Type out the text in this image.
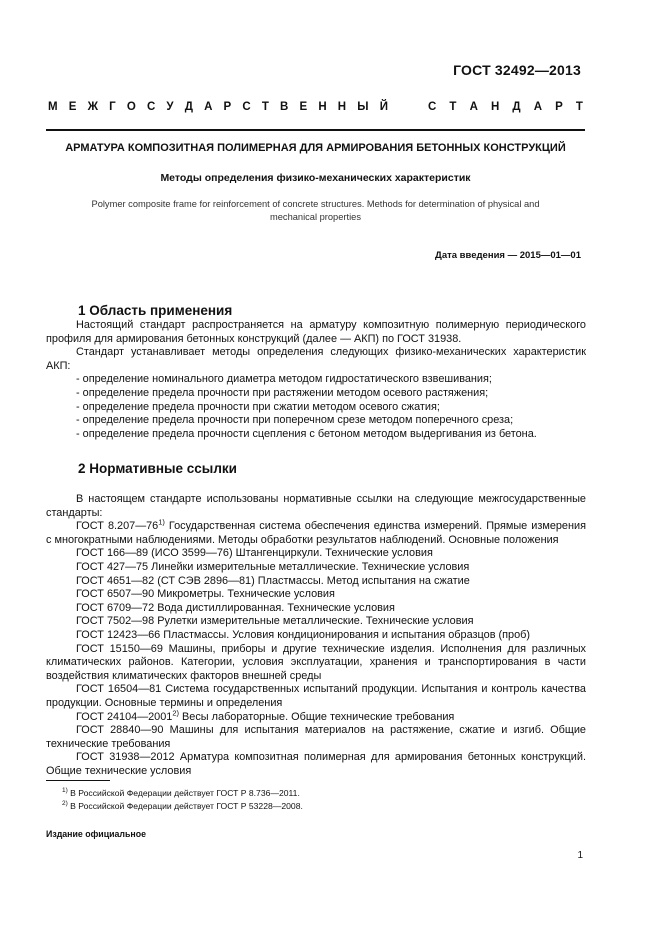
ГОСТ 32492—2013
М Е Ж Г О С У Д А Р С Т В Е Н Н Ы Й	С Т А Н Д А Р Т
АРМАТУРА КОМПОЗИТНАЯ ПОЛИМЕРНАЯ ДЛЯ АРМИРОВАНИЯ БЕТОННЫХ КОНСТРУКЦИЙ
Методы определения физико-механических характеристик
Polymer composite frame for reinforcement of concrete structures. Methods for determination of physical and mechanical properties
Дата введения — 2015—01—01
1 Область применения

Настоящий стандарт распространяется на арматуру композитную полимерную периодического профиля для армирования бетонных конструкций (далее — АКП) по ГОСТ 31938.

Стандарт устанавливает методы определения следующих физико-механических характеристик АКП:

- определение номинального диаметра методом гидростатического взвешивания;

- определение предела прочности при растяжении методом осевого растяжения;

- определение предела прочности при сжатии методом осевого сжатия;

- определение предела прочности при поперечном срезе методом поперечного среза;

- определение предела прочности сцепления с бетоном методом выдергивания из бетона.

2 Нормативные ссылки

В настоящем стандарте использованы нормативные ссылки на следующие межгосударственные стандарты:

ГОСТ 8.207—76$^{1)}$ Государственная система обеспечения единства измерений. Прямые измерения с многократными наблюдениями. Методы обработки результатов наблюдений. Основные положения

ГОСТ 166—89 (ИСО 3599—76) Штангенциркули. Технические условия

ГОСТ 427—75 Линейки измерительные металлические. Технические условия

ГОСТ 4651—82 (СТ СЭВ 2896—81) Пластмассы. Метод испытания на сжатие

ГОСТ 6507—90 Микрометры. Технические условия

ГОСТ 6709—72 Вода дистиллированная. Технические условия

ГОСТ 7502—98 Рулетки измерительные металлические. Технические условия

ГОСТ 12423—66 Пластмассы. Условия кондиционирования и испытания образцов (проб)

ГОСТ 15150—69 Машины, приборы и другие технические изделия. Исполнения для различных климатических районов. Категории, условия эксплуатации, хранения и транспортирования в части воздействия климатических факторов внешней среды

ГОСТ 16504—81 Система государственных испытаний продукции. Испытания и контроль качества продукции. Основные термины и определения

ГОСТ 24104—2001$^{2)}$ Весы лабораторные. Общие технические требования

ГОСТ 28840—90 Машины для испытания материалов на растяжение, сжатие и изгиб. Общие технические требования

ГОСТ 31938—2012 Арматура композитная полимерная для армирования бетонных конструкций. Общие технические условия

$^{1)}$ В Российской Федерации действует ГОСТ Р 8.736—2011.
$^{2)}$ В Российской Федерации действует ГОСТ Р 53228—2008.
Издание официальное
1
